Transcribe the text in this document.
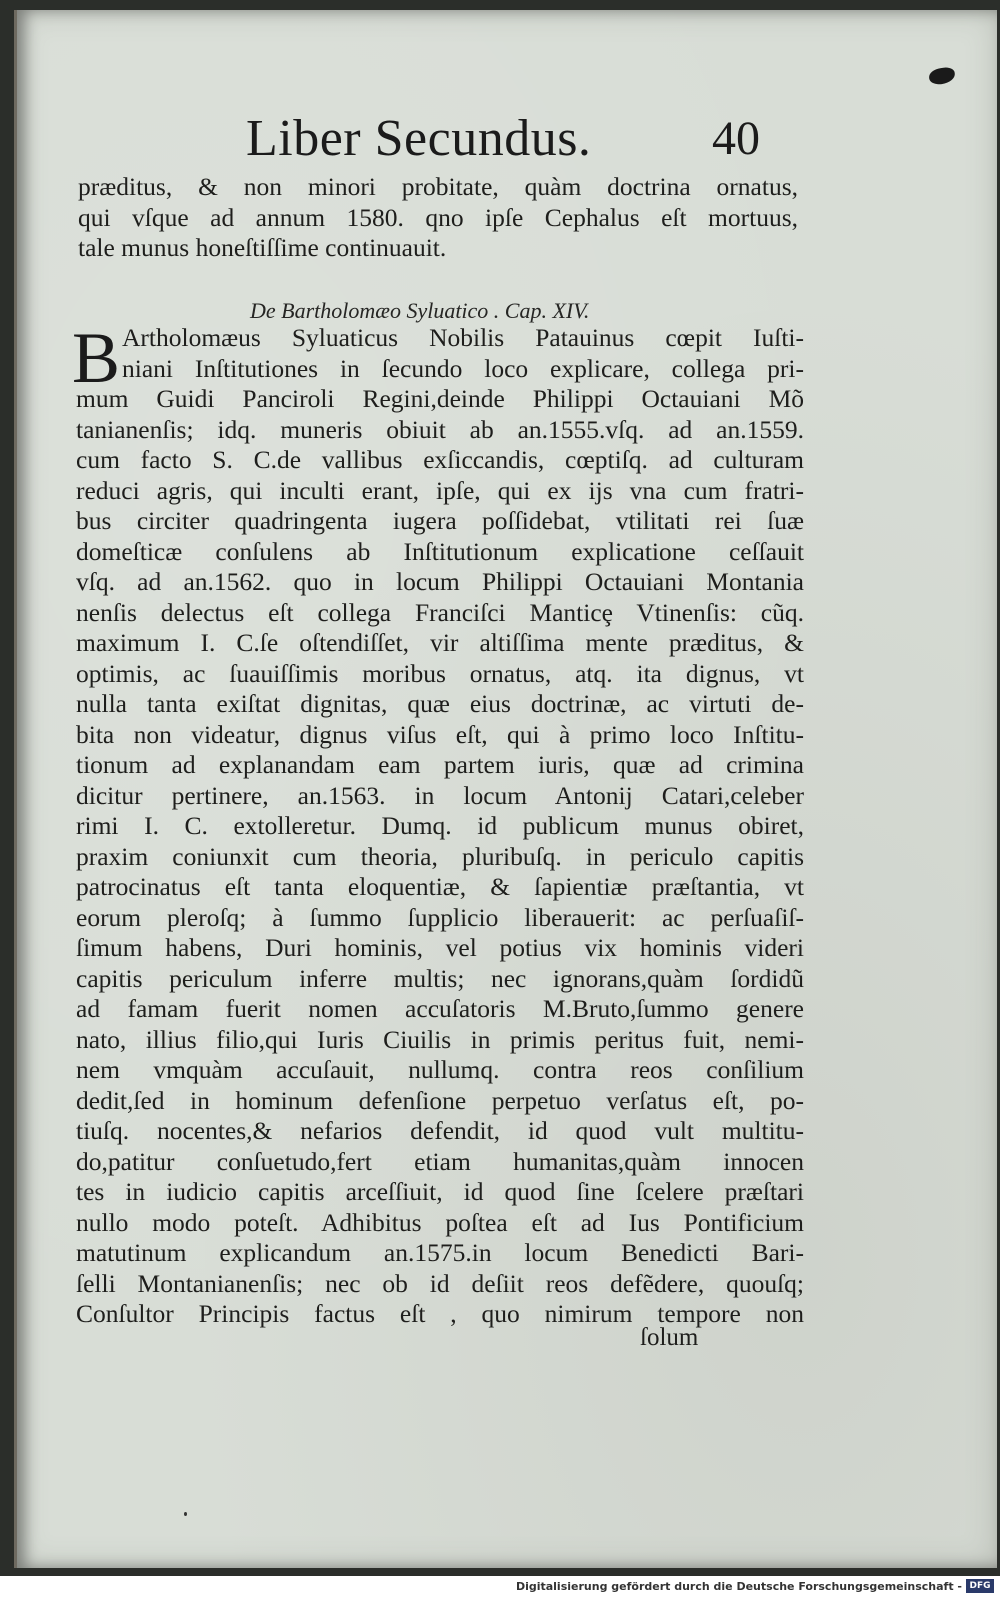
Liber Secundus.	40
prӕditus, & non minori probitate, quàm doctrina ornatus,
qui vſque ad annum 1580. qno ipſe Cephalus eſt mortuus,
tale munus honeſtiſſime continuauit.
De Bartholomӕo Syluatico . Cap. XIV.
B Artholomӕus Syluaticus Nobilis Patauinus cœpit Iuſti-
niani Inſtitutiones in ſecundo loco explicare, collega pri-
mum Guidi Panciroli Regini,deinde Philippi Octauiani Mõ
tanianenſis; idq. muneris obiuit ab an.1555.vſq. ad an.1559.
cum facto S. C.de vallibus exſiccandis, cœptiſq. ad culturam
reduci agris, qui inculti erant, ipſe, qui ex ijs vna cum fratri-
bus circiter quadringenta iugera poſſidebat, vtilitati rei ſuӕ
domeſticӕ conſulens ab Inſtitutionum explicatione ceſſauit
vſq. ad an.1562. quo in locum Philippi Octauiani Montania
nenſis delectus eſt collega Franciſci Manticȩ Vtinenſis: cũq.
maximum I. C.ſe oſtendiſſet, vir altiſſima mente prӕditus, &
optimis, ac ſuauiſſimis moribus ornatus, atq. ita dignus, vt
nulla tanta exiſtat dignitas, quӕ eius doctrinӕ, ac virtuti de-
bita non videatur, dignus viſus eſt, qui à primo loco Inſtitu-
tionum ad explanandam eam partem iuris, quӕ ad crimina
dicitur pertinere, an.1563. in locum Antonij Catari,celeber
rimi I. C. extolleretur. Dumq. id publicum munus obiret,
praxim coniunxit cum theoria, pluribuſq. in periculo capitis
patrocinatus eſt tanta eloquentiӕ, & ſapientiӕ prӕſtantia, vt
eorum pleroſq; à ſummo ſupplicio liberauerit: ac perſuaſiſ-
ſimum habens, Duri hominis, vel potius vix hominis videri
capitis periculum inferre multis; nec ignorans,quàm ſordidũ
ad famam fuerit nomen accuſatoris M.Bruto,ſummo genere
nato, illius filio,qui Iuris Ciuilis in primis peritus fuit, nemi-
nem vmquàm accuſauit, nullumq. contra reos conſilium
dedit,ſed in hominum defenſione perpetuo verſatus eſt, po-
tiuſq. nocentes,& nefarios defendit, id quod vult multitu-
do,patitur conſuetudo,fert etiam humanitas,quàm innocen
tes in iudicio capitis arceſſiuit, id quod ſine ſcelere prӕſtari
nullo modo poteſt. Adhibitus poſtea eſt ad Ius Pontificium
matutinum explicandum an.1575.in locum Benedicti Bari-
ſelli Montanianenſis; nec ob id deſiit reos defẽdere, quouſq;
Conſultor Principis factus eſt , quo nimirum tempore non
ſolum
Digitalisierung gefördert durch die Deutsche Forschungsgemeinschaft - DFG
